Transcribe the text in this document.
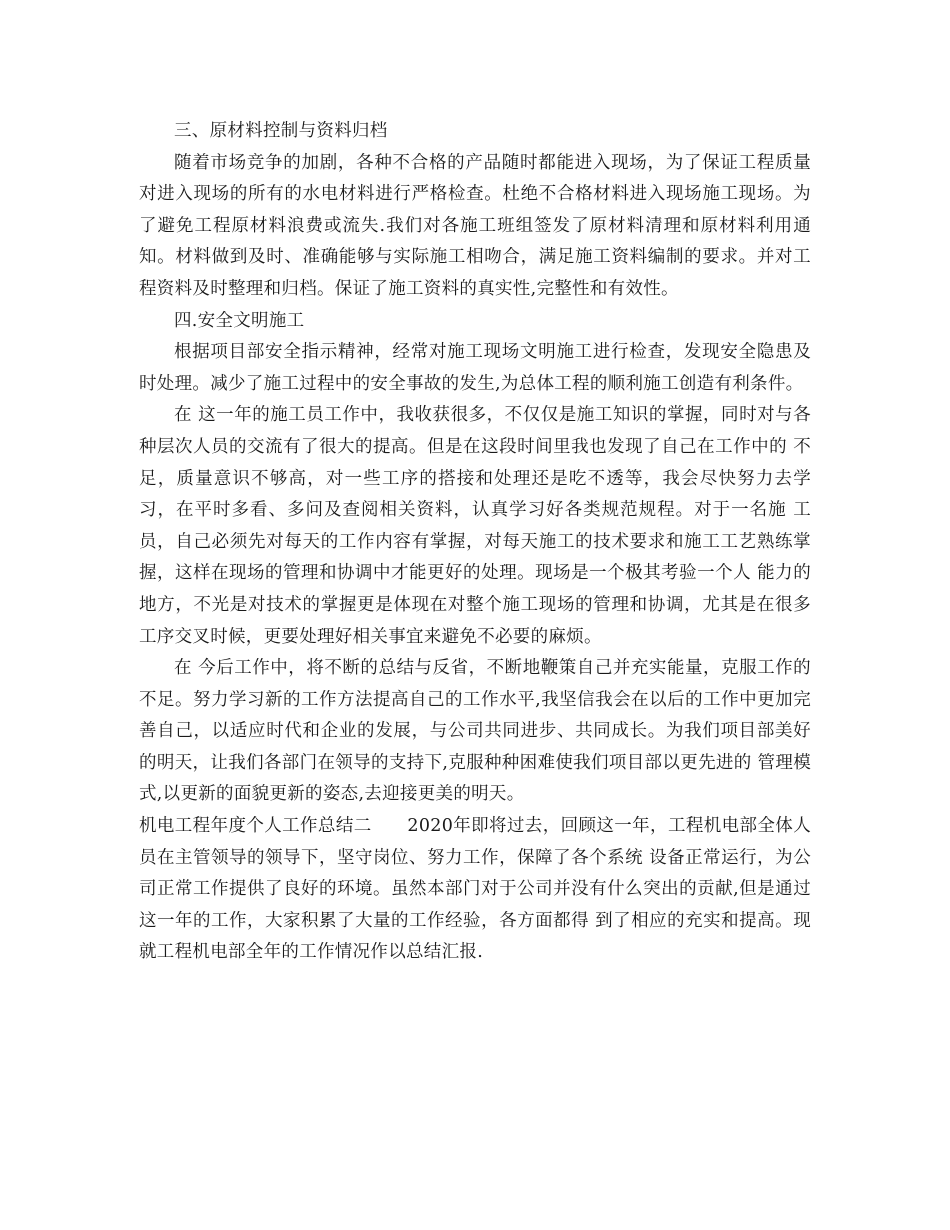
三、原材料控制与资料归档

随着市场竞争的加剧，各种不合格的产品随时都能进入现场，为了保证工程质量对进入现场的所有的水电材料进行严格检查。杜绝不合格材料进入现场施工现场。为了避免工程原材料浪费或流失.我们对各施工班组签发了原材料清理和原材料利用通知。材料做到及时、准确能够与实际施工相吻合，满足施工资料编制的要求。并对工程资料及时整理和归档。保证了施工资料的真实性,完整性和有效性。

四.安全文明施工

根据项目部安全指示精神，经常对施工现场文明施工进行检查，发现安全隐患及时处理。减少了施工过程中的安全事故的发生,为总体工程的顺利施工创造有利条件。

在 这一年的施工员工作中，我收获很多，不仅仅是施工知识的掌握，同时对与各种层次人员的交流有了很大的提高。但是在这段时间里我也发现了自己在工作中的 不足，质量意识不够高，对一些工序的搭接和处理还是吃不透等，我会尽快努力去学习，在平时多看、多问及查阅相关资料，认真学习好各类规范规程。对于一名施 工员，自己必须先对每天的工作内容有掌握，对每天施工的技术要求和施工工艺熟练掌握，这样在现场的管理和协调中才能更好的处理。现场是一个极其考验一个人 能力的地方，不光是对技术的掌握更是体现在对整个施工现场的管理和协调，尤其是在很多工序交叉时候，更要处理好相关事宜来避免不必要的麻烦。

在 今后工作中，将不断的总结与反省，不断地鞭策自己并充实能量，克服工作的不足。努力学习新的工作方法提高自己的工作水平,我坚信我会在以后的工作中更加完 善自己，以适应时代和企业的发展，与公司共同进步、共同成长。为我们项目部美好的明天，让我们各部门在领导的支持下,克服种种困难使我们项目部以更先进的 管理模式,以更新的面貌更新的姿态,去迎接更美的明天。

机电工程年度个人工作总结二　　2020年即将过去，回顾这一年，工程机电部全体人员在主管领导的领导下，坚守岗位、努力工作，保障了各个系统 设备正常运行，为公司正常工作提供了良好的环境。虽然本部门对于公司并没有什么突出的贡献,但是通过这一年的工作，大家积累了大量的工作经验，各方面都得 到了相应的充实和提高。现就工程机电部全年的工作情况作以总结汇报.
